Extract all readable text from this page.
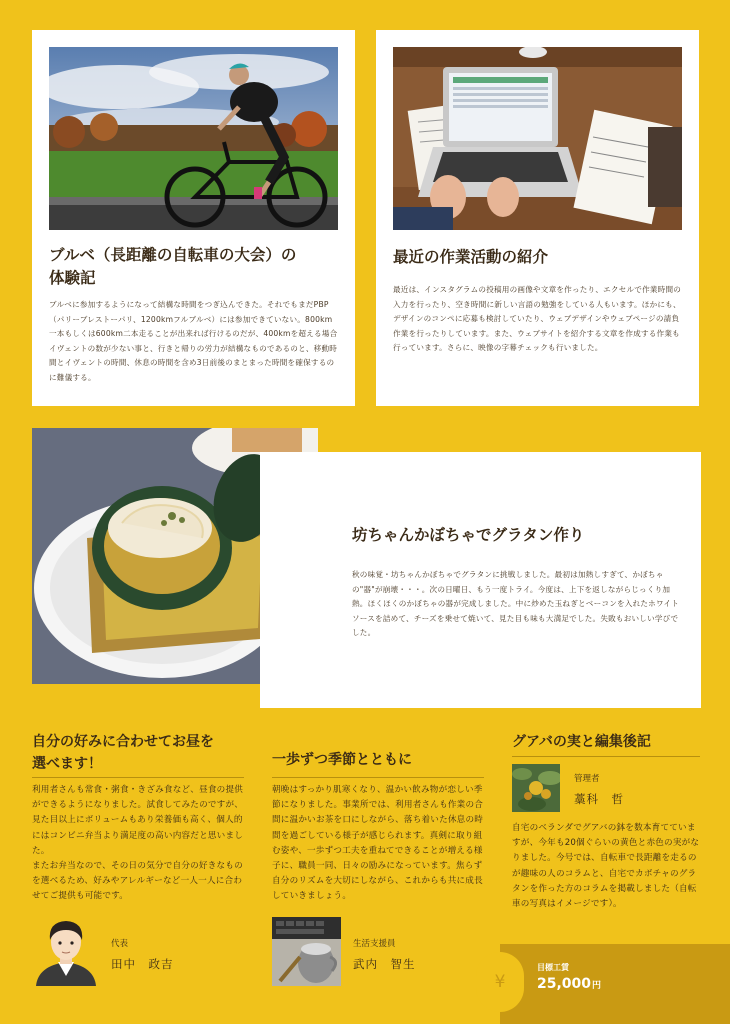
ブルベ（長距離の自転車の大会）の
体験記
ブルベに参加するようになって結構な時間をつぎ込んできた。それでもまだPBP（パリーブレストーパリ、1200kmフルブルベ）には参加できていない。800km一本もしくは600km二本走ることが出来れば行けるのだが、400kmを超える場合イヴェントの数が少ない事と、行きと帰りの労力が結構なものであるのと、移動時間とイヴェントの時間、休息の時間を含め3日前後のまとまった時間を確保するのに難儀する。
最近の作業活動の紹介
最近は、インスタグラムの投稿用の画像や文章を作ったり、エクセルで作業時間の入力を行ったり、空き時間に新しい言語の勉強をしている人もいます。ほかにも、デザインのコンペに応募も検討していたり、ウェブデザインやウェブページの請負作業を行ったりしています。また、ウェブサイトを紹介する文章を作成する作業も行っています。さらに、映像の字幕チェックも行いました。
坊ちゃんかぼちゃでグラタン作り
秋の味覚・坊ちゃんかぼちゃでグラタンに挑戦しました。最初は加熱しすぎて、かぼちゃの"器"が崩壊・・・。次の日曜日、もう一度トライ。今度は、上下を返しながらじっくり加熱。ほくほくのかぼちゃの器が完成しました。中に炒めた玉ねぎとベーコンを入れたホワイトソースを詰めて、チーズを乗せて焼いて、見た目も味も大満足でした。失敗もおいしい学びでした。
自分の好みに合わせてお昼を
選べます！
利用者さんも常食・粥食・きざみ食など、昼食の提供ができるようになりました。試食してみたのですが、見た目以上にボリュームもあり栄養価も高く、個人的にはコンビニ弁当より満足度の高い内容だと思いました。
またお弁当なので、その日の気分で自分の好きなものを選べるため、好みやアレルギーなど一人一人に合わせてご提供も可能です。
代表
田中　政吉
一歩ずつ季節とともに
朝晩はすっかり肌寒くなり、温かい飲み物が恋しい季節になりました。事業所では、利用者さんも作業の合間に温かいお茶を口にしながら、落ち着いた休息の時間を過ごしている様子が感じられます。真剣に取り組む姿や、一歩ずつ工夫を重ねてできることが増える様子に、職員一同、日々の励みになっています。焦らず自分のリズムを大切にしながら、これからも共に成長していきましょう。
生活支援員
武内　智生
グアバの実と編集後記
管理者
藁科　哲
自宅のベランダでグアバの鉢を数本育てていますが、今年も20個ぐらいの黄色と赤色の実がなりました。今号では、自転車で長距離を走るのが趣味の人のコラムと、自宅でカボチャのグラタンを作った方のコラムを掲載しました（自転車の写真はイメージです）。
¥
目標工賃
25,000円
